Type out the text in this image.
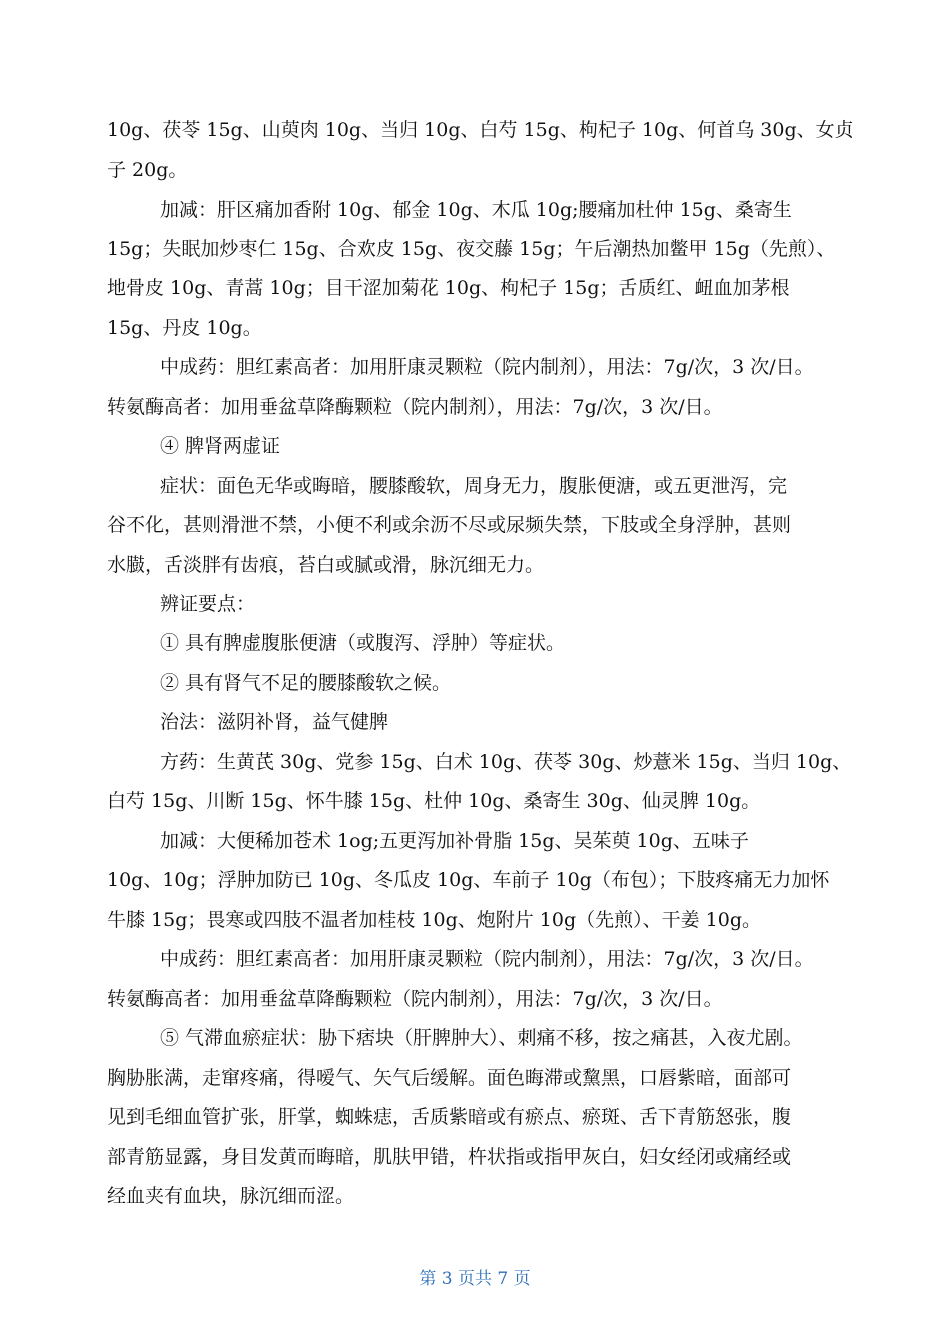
10g、茯苓 15g、山萸肉 10g、当归 10g、白芍 15g、枸杞子 10g、何首乌 30g、女贞
子 20g。
加减：肝区痛加香附 10g、郁金 10g、木瓜 10g;腰痛加杜仲 15g、桑寄生
15g；失眠加炒枣仁 15g、合欢皮 15g、夜交藤 15g；午后潮热加鳖甲 15g（先煎）、
地骨皮 10g、青蒿 10g；目干涩加菊花 10g、枸杞子 15g；舌质红、衄血加茅根
15g、丹皮 10g。
中成药：胆红素高者：加用肝康灵颗粒（院内制剂），用法：7g/次，3 次/日。
转氨酶高者：加用垂盆草降酶颗粒（院内制剂），用法：7g/次，3 次/日。
④ 脾肾两虚证
症状：面色无华或晦暗，腰膝酸软，周身无力，腹胀便溏，或五更泄泻，完
谷不化，甚则滑泄不禁，小便不利或余沥不尽或尿频失禁，下肢或全身浮肿，甚则
水臌，舌淡胖有齿痕，苔白或腻或滑，脉沉细无力。
辨证要点：
① 具有脾虚腹胀便溏（或腹泻、浮肿）等症状。
② 具有肾气不足的腰膝酸软之候。
治法：滋阴补肾，益气健脾
方药：生黄芪 30g、党参 15g、白术 10g、茯苓 30g、炒薏米 15g、当归 10g、
白芍 15g、川断 15g、怀牛膝 15g、杜仲 10g、桑寄生 30g、仙灵脾 10g。
加减：大便稀加苍术 1og;五更泻加补骨脂 15g、吴茱萸 10g、五味子
10g、10g；浮肿加防已 10g、冬瓜皮 10g、车前子 10g（布包）；下肢疼痛无力加怀
牛膝 15g；畏寒或四肢不温者加桂枝 10g、炮附片 10g（先煎）、干姜 10g。
中成药：胆红素高者：加用肝康灵颗粒（院内制剂），用法：7g/次，3 次/日。
转氨酶高者：加用垂盆草降酶颗粒（院内制剂），用法：7g/次，3 次/日。
⑤ 气滞血瘀症状：胁下痞块（肝脾肿大）、刺痛不移，按之痛甚，入夜尤剧。
胸胁胀满，走窜疼痛，得嗳气、矢气后缓解。面色晦滞或黧黑，口唇紫暗，面部可
见到毛细血管扩张，肝掌，蜘蛛痣，舌质紫暗或有瘀点、瘀斑、舌下青筋怒张，腹
部青筋显露，身目发黄而晦暗，肌肤甲错，杵状指或指甲灰白，妇女经闭或痛经或
经血夹有血块，脉沉细而涩。
第 3 页共 7 页
